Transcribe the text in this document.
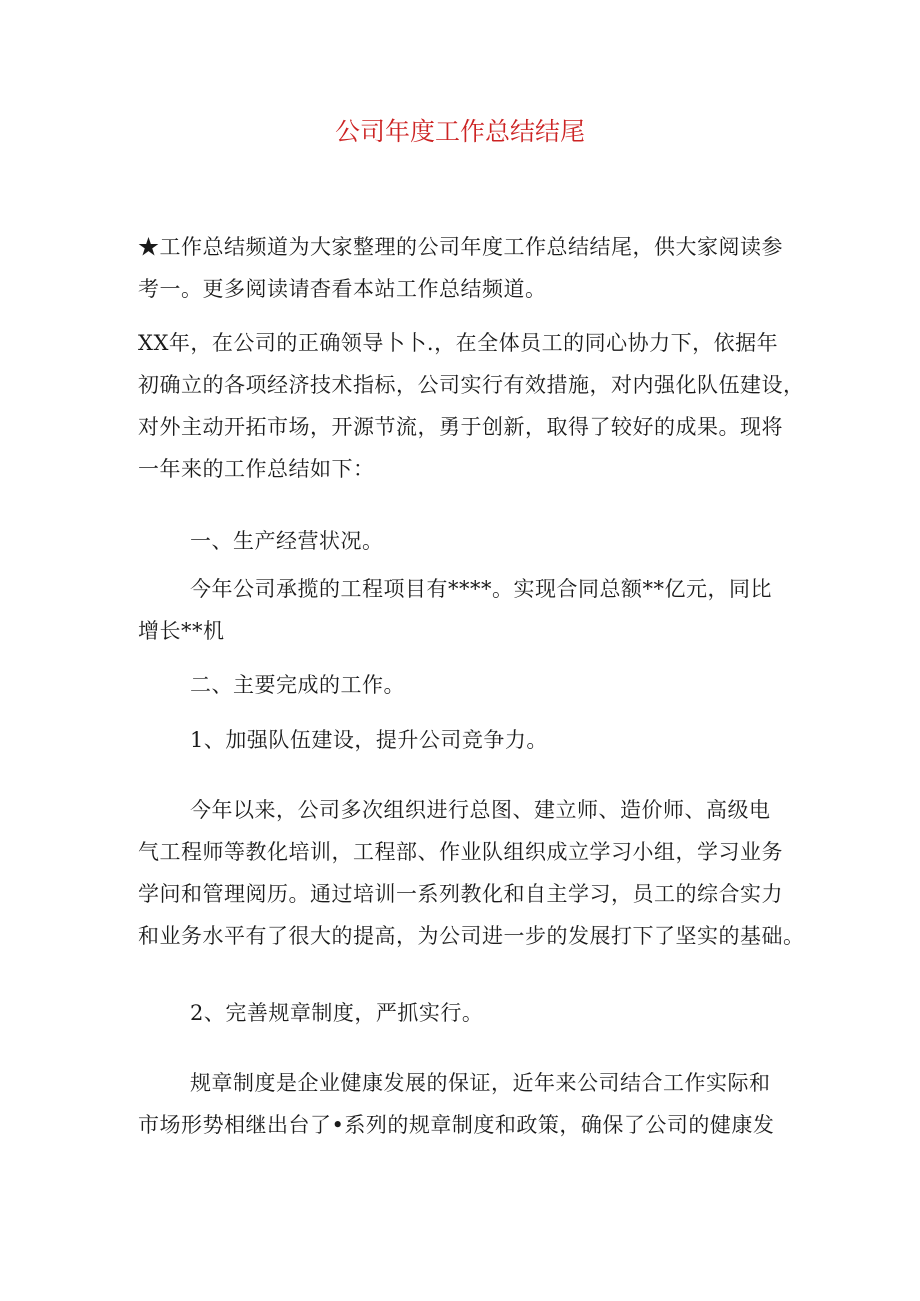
公司年度工作总结结尾
★工作总结频道为大家整理的公司年度工作总结结尾，供大家阅读参
考一。更多阅读请杳看本站工作总结频道。
XX年，在公司的正确领导卜卜.，在全体员工的同心协力下，依据年
初确立的各项经济技术指标，公司实行有效措施，对内强化队伍建设，
对外主动开拓市场，开源节流，勇于创新，取得了较好的成果。现将
一年来的工作总结如下：
一、生产经营状况。
今年公司承揽的工程项目有****。实现合同总额**亿元，同比
增长**机
二、主要完成的工作。
1、加强队伍建设，提升公司竞争力。
今年以来，公司多次组织进行总图、建立师、造价师、高级电
气工程师等教化培训，工程部、作业队组织成立学习小组，学习业务
学问和管理阅历。通过培训一系列教化和自主学习，员工的综合实力
和业务水平有了很大的提高，为公司进一步的发展打下了坚实的基础。
2、完善规章制度，严抓实行。
规章制度是企业健康发展的保证，近年来公司结合工作实际和
市场形势相继出台了•系列的规章制度和政策，确保了公司的健康发
